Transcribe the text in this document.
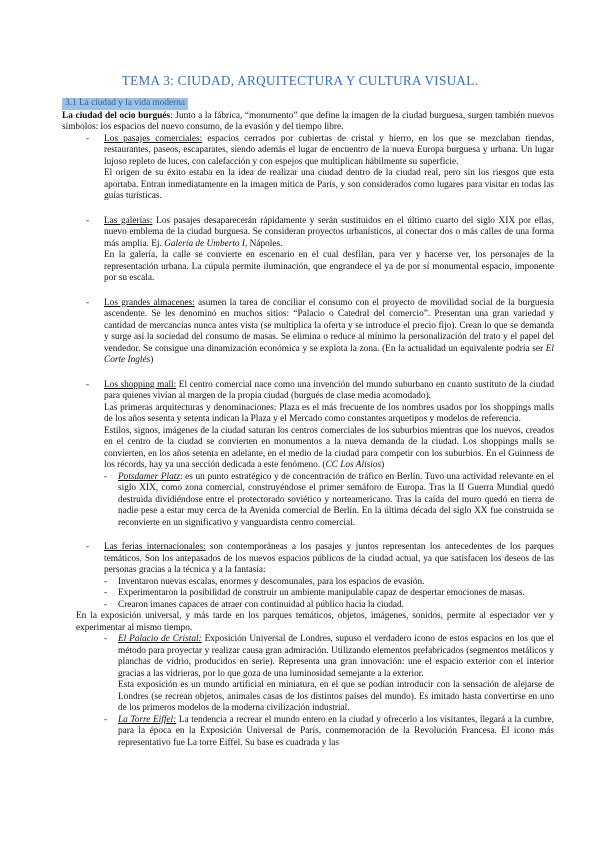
TEMA 3: CIUDAD, ARQUITECTURA Y CULTURA VISUAL.
3.1 La ciudad y la vida moderna
La ciudad del ocio burgués: Junto a la fábrica, “monumento” que define la imagen de la ciudad burguesa, surgen también nuevos símbolos: los espacios del nuevo consumo, de la evasión y del tiempo libre.
- Los pasajes comerciales: espacios cerrados por cubiertas de cristal y hierro, en los que se mezclaban tiendas, restaurantes, paseos, escaparates, siendo además el lugar de encuentro de la nueva Europa burguesa y urbana. Un lugar lujoso repleto de luces, con calefacción y con espejos que multiplican hábilmente su superficie.
El origen de su éxito estaba en la idea de realizar una ciudad dentro de la ciudad real, pero sin los riesgos que esta aportaba. Entran inmediatamente en la imagen mítica de París, y son considerados como lugares para visitar en todas las guías turísticas.
- Las galerías: Los pasajes desaparecerán rápidamente y serán sustituidos en el último cuarto del siglo XIX por ellas, nuevo emblema de la ciudad burguesa. Se consideran proyectos urbanísticos, al conectar dos o más calles de una forma más amplia. Ej. Galería de Umberto I, Nápoles.
En la galería, la calle se convierte en escenario en el cual desfilan, para ver y hacerse ver, los personajes de la representación urbana. La cúpula permite iluminación, que engrandece el ya de por sí monumental espacio, imponente por su escala.
- Los grandes almacenes: asumen la tarea de conciliar el consumo con el proyecto de movilidad social de la burguesía ascendente. Se les denominó en muchos sitios: “Palacio o Catedral del comercio”. Presentan una gran variedad y cantidad de mercancías nunca antes vista (se multiplica la oferta y se introduce el precio fijo). Crean lo que se demanda y surge así la sociedad del consumo de masas. Se elimina o reduce al mínimo la personalización del trato y el papel del vendedor. Se consigue una dinamización económica y se explota la zona. (En la actualidad un equivalente podría ser El Corte Inglés)
- Los shopping mall: El centro comercial nace como una invención del mundo suburbano en cuanto sustituto de la ciudad para quienes vivían al margen de la propia ciudad (burgués de clase media acomodado).
Las primeras arquitecturas y denominaciones: Plaza es el más frecuente de los nombres usados por los shoppings malls de los años sesenta y setenta indican la Plaza y el Mercado como constantes arquetipos y modelos de referencia.
Estilos, signos, imágenes de la ciudad saturan los centros comerciales de los suburbios mientras que los nuevos, creados en el centro de la ciudad se convierten en monumentos a la nueva demanda de la ciudad. Los shoppings malls se convierten, en los años setenta en adelante, en el medio de la ciudad para competir con los suburbios. En el Guinness de los récords, hay ya una sección dedicada a este fenómeno. (CC Los Alisios)
- Potsdamer Platz: es un punto estratégico y de concentración de tráfico en Berlín. Tuvo una actividad relevante en el siglo XIX, como zona comercial, construyéndose el primer semáforo de Europa. Tras la II Guerra Mundial quedó destruida dividiéndose entre el protectorado soviético y norteamericano. Tras la caída del muro quedó en tierra de nadie pese a estar muy cerca de la Avenida comercial de Berlín. En la última década del siglo XX fue construida se reconvierte en un significativo y vanguardista centro comercial.
- Las ferias internacionales: son contemporáneas a los pasajes y juntos representan los antecedentes de los parques temáticos. Son los antepasados de los nuevos espacios públicos de la ciudad actual, ya que satisfacen los deseos de las personas gracias a la técnica y a la fantasía:
- Inventaron nuevas escalas, enormes y descomunales, para los espacios de evasión.
- Experimentaron la posibilidad de construir un ambiente manipulable capaz de despertar emociones de masas.
- Crearon imanes capaces de atraer con continuidad al público hacia la ciudad.
En la exposición universal, y más tarde en los parques temáticos, objetos, imágenes, sonidos, permite al espectador ver y experimentar al mismo tiempo.
- El Palacio de Cristal: Exposición Universal de Londres, supuso el verdadero icono de estos espacios en los que el método para proyectar y realizar causa gran admiración. Utilizando elementos prefabricados (segmentos metálicos y planchas de vidrio, producidos en serie). Representa una gran innovación: une el espacio exterior con el interior gracias a las vidrieras, por lo que goza de una luminosidad semejante a la exterior.
Esta exposición es un mundo artificial en miniatura, en el que se podían introducir con la sensación de alejarse de Londres (se recrean objetos, animales casas de los distintos países del mundo). Es imitado hasta convertirse en uno de los primeros modelos de la moderna civilización industrial.
- La Torre Eiffel: La tendencia a recrear el mundo entero en la ciudad y ofrecerlo a los visitantes, llegará a la cumbre, para la época en la Exposición Universal de París, conmemoración de la Revolución Francesa. El icono más representativo fue La torre Eiffel. Su base es cuadrada y las
